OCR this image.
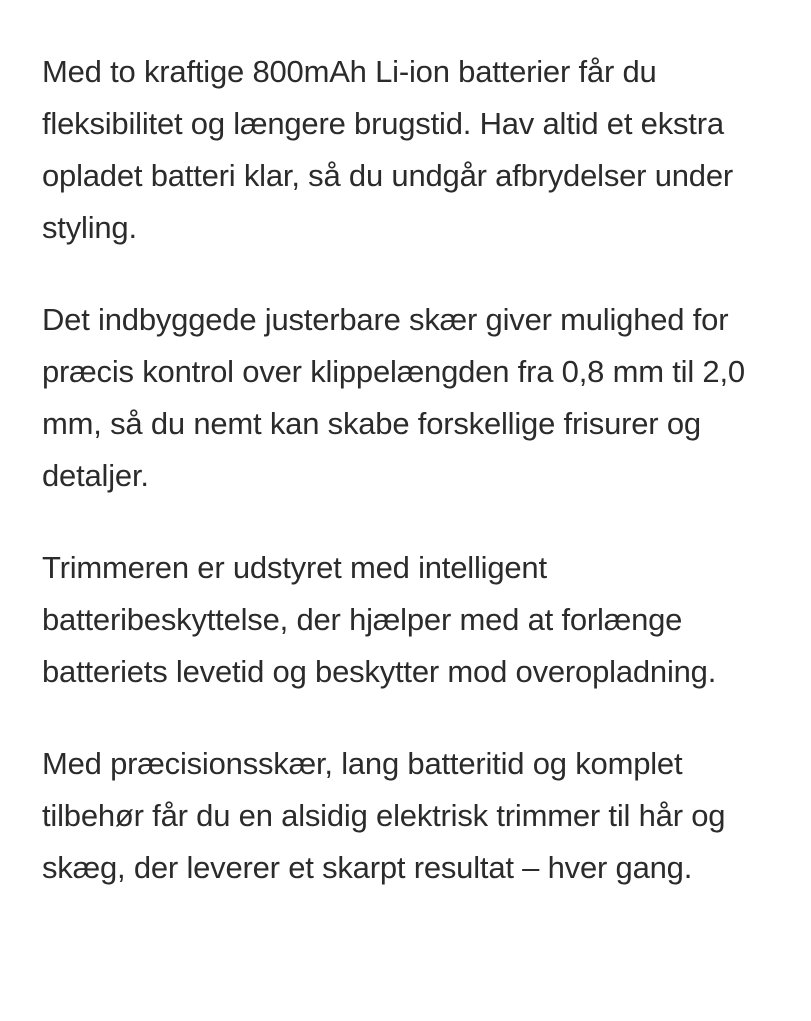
Med to kraftige 800mAh Li-ion batterier får du fleksibilitet og længere brugstid. Hav altid et ekstra opladet batteri klar, så du undgår afbrydelser under styling.

Det indbyggede justerbare skær giver mulighed for præcis kontrol over klippelængden fra 0,8 mm til 2,0 mm, så du nemt kan skabe forskellige frisurer og detaljer.

Trimmeren er udstyret med intelligent batteribeskyttelse, der hjælper med at forlænge batteriets levetid og beskytter mod overopladning.

Med præcisionsskær, lang batteritid og komplet tilbehør får du en alsidig elektrisk trimmer til hår og skæg, der leverer et skarpt resultat – hver gang.
